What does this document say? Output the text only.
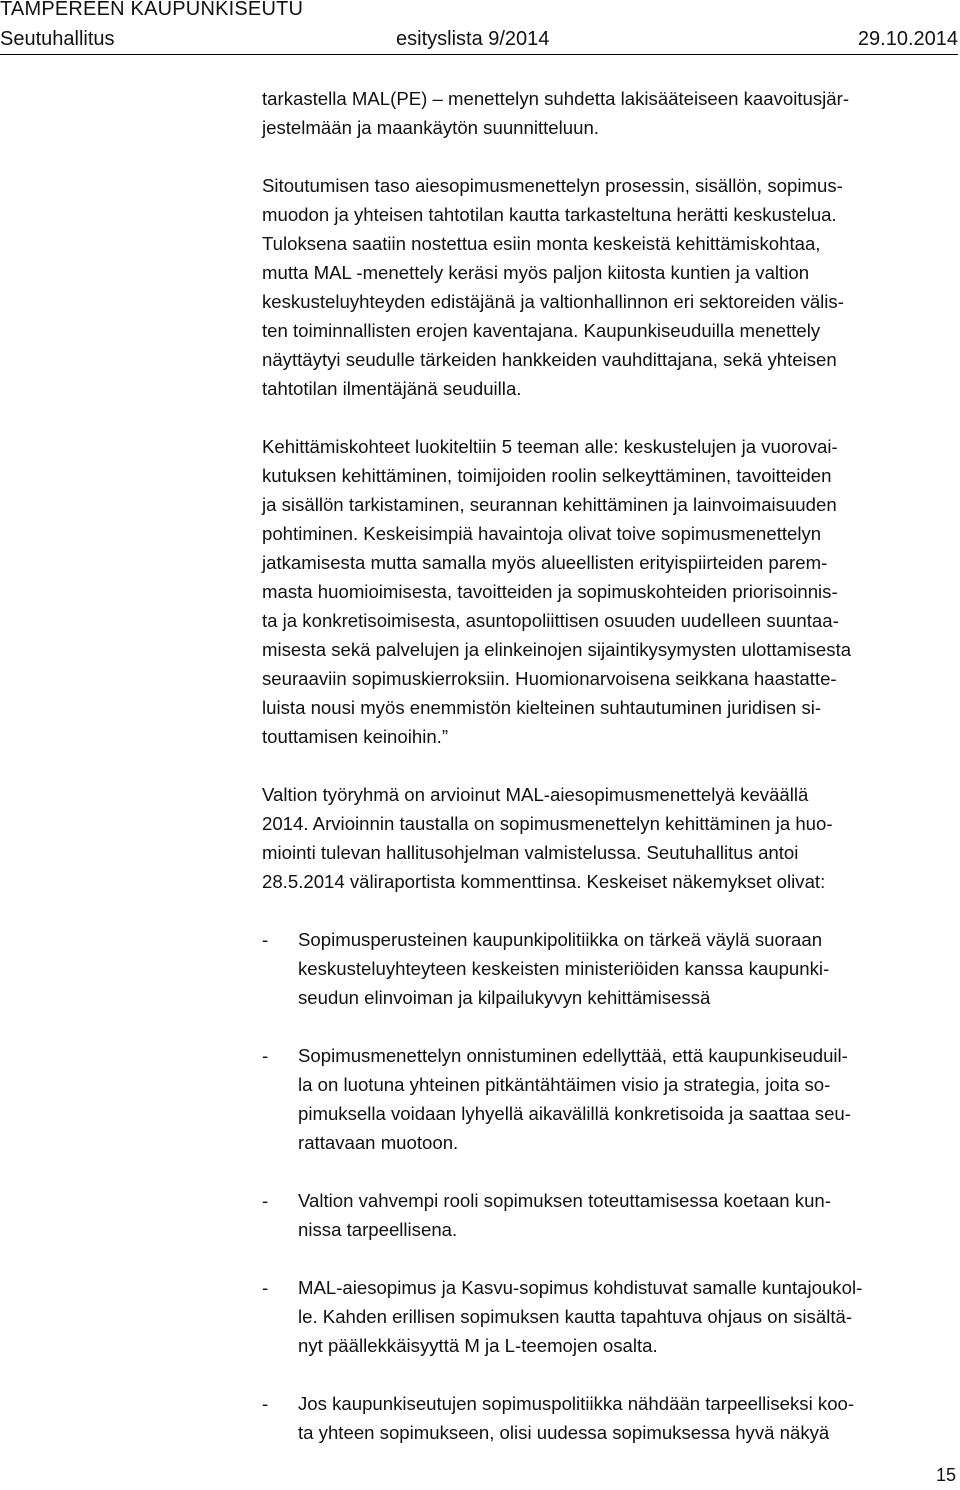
TAMPEREEN KAUPUNKISEUTU
Seutuhallitus	esityslista 9/2014	29.10.2014
tarkastella MAL(PE) – menettelyn suhdetta lakisääteiseen kaavoitusjär-
jestelmään ja maankäytön suunnitteluun.
Sitoutumisen taso aiesopimusmenettelyn prosessin, sisällön, sopimus-
muodon ja yhteisen tahtotilan kautta tarkasteltuna herätti keskustelua.
Tuloksena saatiin nostettua esiin monta keskeistä kehittämiskohtaa,
mutta MAL -menettely keräsi myös paljon kiitosta kuntien ja valtion
keskusteluyhteyden edistäjänä ja valtionhallinnon eri sektoreiden välis-
ten toiminnallisten erojen kaventajana. Kaupunkiseuduilla menettely
näyttäytyi seudulle tärkeiden hankkeiden vauhdittajana, sekä yhteisen
tahtotilan ilmentäjänä seuduilla.
Kehittämiskohteet luokiteltiin 5 teeman alle: keskustelujen ja vuorovai-
kutuksen kehittäminen, toimijoiden roolin selkeyttäminen, tavoitteiden
ja sisällön tarkistaminen, seurannan kehittäminen ja lainvoimaisuuden
pohtiminen. Keskeisimpiä havaintoja olivat toive sopimusmenettelyn
jatkamisesta mutta samalla myös alueellisten erityispiirteiden parem-
masta huomioimisesta, tavoitteiden ja sopimuskohteiden priorisoinnis-
ta ja konkretisoimisesta, asuntopoliittisen osuuden uudelleen suuntaa-
misesta sekä palvelujen ja elinkeinojen sijaintikysymysten ulottamisesta
seuraaviin sopimuskierroksiin. Huomionarvoisena seikkana haastatte-
luista nousi myös enemmistön kielteinen suhtautuminen juridisen si-
touttamisen keinoihin.”
Valtion työryhmä on arvioinut MAL-aiesopimusmenettelyä keväällä
2014. Arvioinnin taustalla on sopimusmenettelyn kehittäminen ja huo-
miointi tulevan hallitusohjelman valmistelussa. Seutuhallitus antoi
28.5.2014 väliraportista kommenttinsa. Keskeiset näkemykset olivat:
- Sopimusperusteinen kaupunkipolitiikka on tärkeä väylä suoraan
keskusteluyhteyteen keskeisten ministeriöiden kanssa kaupunki-
seudun elinvoiman ja kilpailukyvyn kehittämisessä
- Sopimusmenettelyn onnistuminen edellyttää, että kaupunkiseuduil-
la on luotuna yhteinen pitkäntähtäimen visio ja strategia, joita so-
pimuksella voidaan lyhyellä aikavälillä konkretisoida ja saattaa seu-
rattavaan muotoon.
- Valtion vahvempi rooli sopimuksen toteuttamisessa koetaan kun-
nissa tarpeellisena.
- MAL-aiesopimus ja Kasvu-sopimus kohdistuvat samalle kuntajoukol-
le. Kahden erillisen sopimuksen kautta tapahtuva ohjaus on sisältä-
nyt päällekkäisyyttä M ja L-teemojen osalta.
- Jos kaupunkiseutujen sopimuspolitiikka nähdään tarpeelliseksi koo-
ta yhteen sopimukseen, olisi uudessa sopimuksessa hyvä näkyä
15
